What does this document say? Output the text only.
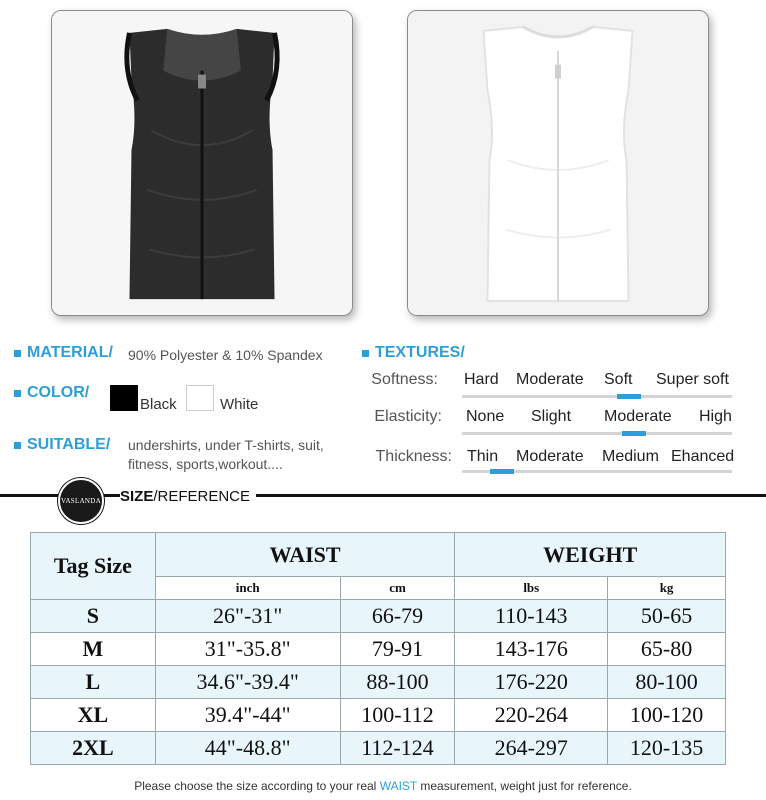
MATERIAL/ 90% Polyester & 10% Spandex
COLOR/
Black	White
SUITABLE/ undershirts, under T-shirts, suit,
fitness, sports,workout....
TEXTURES/
Softness: Hard Moderate Soft Super soft
Elasticity: None Slight Moderate High
Thickness: Thin Moderate Medium Ehanced
VASLANDA SIZE/REFERENCE
Tag Size	WAIST		WEIGHT	
	inch	cm	lbs	kg
S	26"-31"	66-79	110-143	50-65
M	31"-35.8"	79-91	143-176	65-80
L	34.6"-39.4"	88-100	176-220	80-100
XL	39.4"-44"	100-112	220-264	100-120
2XL	44"-48.8"	112-124	264-297	120-135
Please choose the size according to your real WAIST measurement, weight just for reference.
